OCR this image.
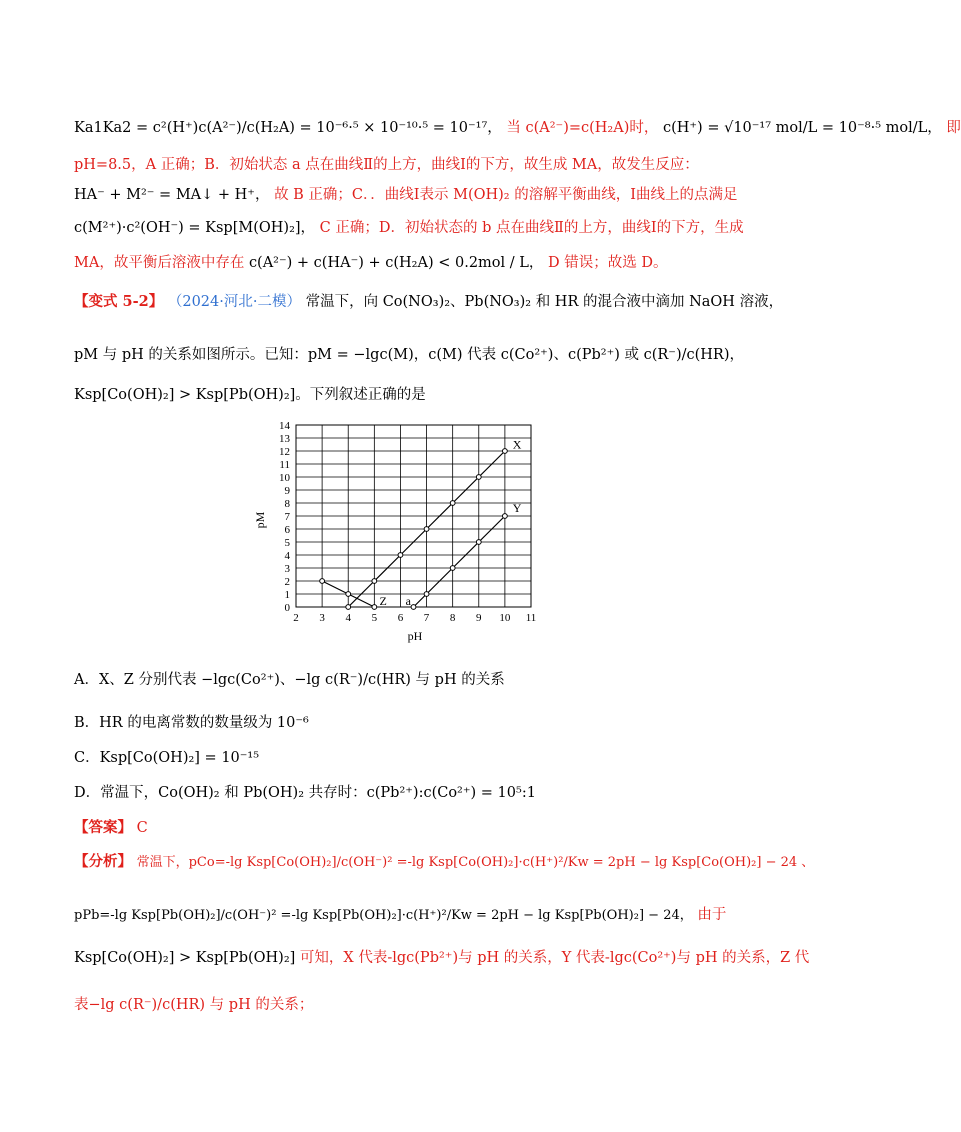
Ka1Ka2 = c²(H⁺)c(A²⁻)/c(H₂A) = 10⁻⁶·⁵ × 10⁻¹⁰·⁵ = 10⁻¹⁷， 当 c(A²⁻)=c(H₂A)时， c(H⁺) = √10⁻¹⁷ mol/L = 10⁻⁸·⁵ mol/L， 即
pH=8.5，A 正确；B．初始状态 a 点在曲线Ⅱ的上方，曲线Ⅰ的下方，故生成 MA，故发生反应：
HA⁻ + M²⁻ = MA↓ + H⁺， 故 B 正确；C．．曲线Ⅰ表示 M(OH)₂ 的溶解平衡曲线，Ⅰ曲线上的点满足
c(M²⁺)·c²(OH⁻) = Ksp[M(OH)₂]， C 正确；D．初始状态的 b 点在曲线Ⅱ的上方，曲线Ⅰ的下方，生成
MA，故平衡后溶液中存在 c(A²⁻) + c(HA⁻) + c(H₂A) < 0.2mol / L， D 错误；故选 D。
【变式 5-2】 （2024·河北·二模） 常温下，向 Co(NO₃)₂、Pb(NO₃)₂ 和 HR 的混合液中滴加 NaOH 溶液，
pM 与 pH 的关系如图所示。已知：pM = −lgc(M)，c(M) 代表 c(Co²⁺)、c(Pb²⁺) 或 c(R⁻)/c(HR)，
Ksp[Co(OH)₂] > Ksp[Pb(OH)₂]。下列叙述正确的是
X
Y
Z a
2 3 4 5 6 7 8 9 10 11
0
1
2
3
4
5
6
7
8
9
10
11
12
13
14
pH
pM
A．X、Z 分别代表 −lgc(Co²⁺)、−lg c(R⁻)/c(HR) 与 pH 的关系
B．HR 的电离常数的数量级为 10⁻⁶
C．Ksp[Co(OH)₂] = 10⁻¹⁵
D．常温下，Co(OH)₂ 和 Pb(OH)₂ 共存时：c(Pb²⁺):c(Co²⁺) = 10⁵:1
【答案】 C
【分析】 常温下，pCo=-lg Ksp[Co(OH)₂]/c(OH⁻)² =-lg Ksp[Co(OH)₂]·c(H⁺)²/Kw = 2pH − lg Ksp[Co(OH)₂] − 24 、
pPb=-lg Ksp[Pb(OH)₂]/c(OH⁻)² =-lg Ksp[Pb(OH)₂]·c(H⁺)²/Kw = 2pH − lg Ksp[Pb(OH)₂] − 24， 由于
Ksp[Co(OH)₂] > Ksp[Pb(OH)₂] 可知，X 代表-lgc(Pb²⁺)与 pH 的关系，Y 代表-lgc(Co²⁺)与 pH 的关系，Z 代
表−lg c(R⁻)/c(HR) 与 pH 的关系；
